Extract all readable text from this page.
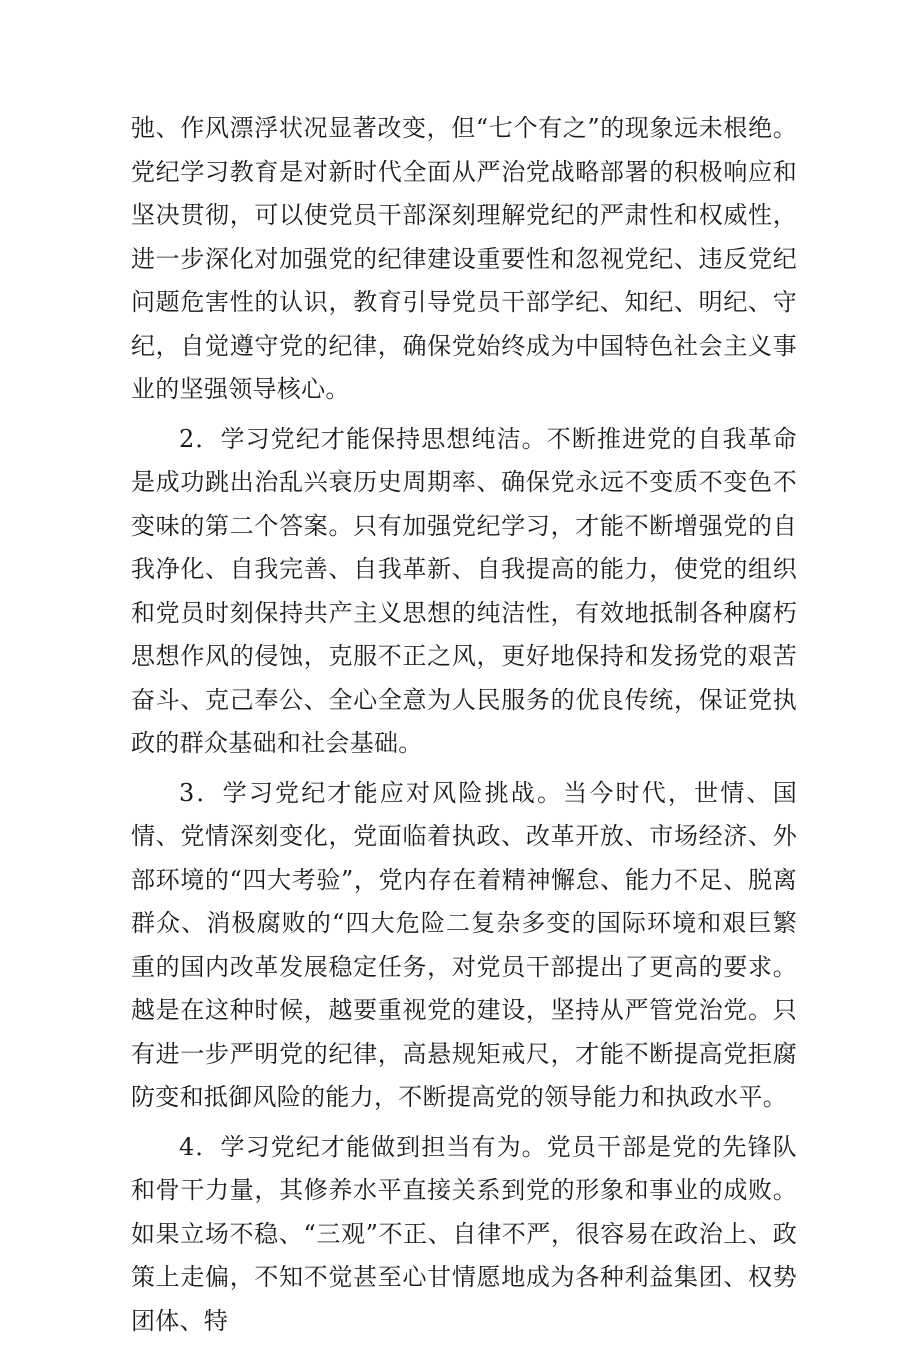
弛、作风漂浮状况显著改变，但“七个有之”的现象远未根绝。党纪学习教育是对新时代全面从严治党战略部署的积极响应和坚决贯彻，可以使党员干部深刻理解党纪的严肃性和权威性，进一步深化对加强党的纪律建设重要性和忽视党纪、违反党纪问题危害性的认识，教育引导党员干部学纪、知纪、明纪、守纪，自觉遵守党的纪律，确保党始终成为中国特色社会主义事业的坚强领导核心。

2．学习党纪才能保持思想纯洁。不断推进党的自我革命是成功跳出治乱兴衰历史周期率、确保党永远不变质不变色不变味的第二个答案。只有加强党纪学习，才能不断增强党的自我净化、自我完善、自我革新、自我提高的能力，使党的组织和党员时刻保持共产主义思想的纯洁性，有效地抵制各种腐朽思想作风的侵蚀，克服不正之风，更好地保持和发扬党的艰苦奋斗、克己奉公、全心全意为人民服务的优良传统，保证党执政的群众基础和社会基础。

3．学习党纪才能应对风险挑战。当今时代，世情、国情、党情深刻变化，党面临着执政、改革开放、市场经济、外部环境的“四大考验”，党内存在着精神懈怠、能力不足、脱离群众、消极腐败的“四大危险二复杂多变的国际环境和艰巨繁重的国内改革发展稳定任务，对党员干部提出了更高的要求。越是在这种时候，越要重视党的建设，坚持从严管党治党。只有进一步严明党的纪律，高悬规矩戒尺，才能不断提高党拒腐防变和抵御风险的能力，不断提高党的领导能力和执政水平。

4．学习党纪才能做到担当有为。党员干部是党的先锋队和骨干力量，其修养水平直接关系到党的形象和事业的成败。如果立场不稳、“三观”不正、自律不严，很容易在政治上、政策上走偏，不知不觉甚至心甘情愿地成为各种利益集团、权势团体、特
